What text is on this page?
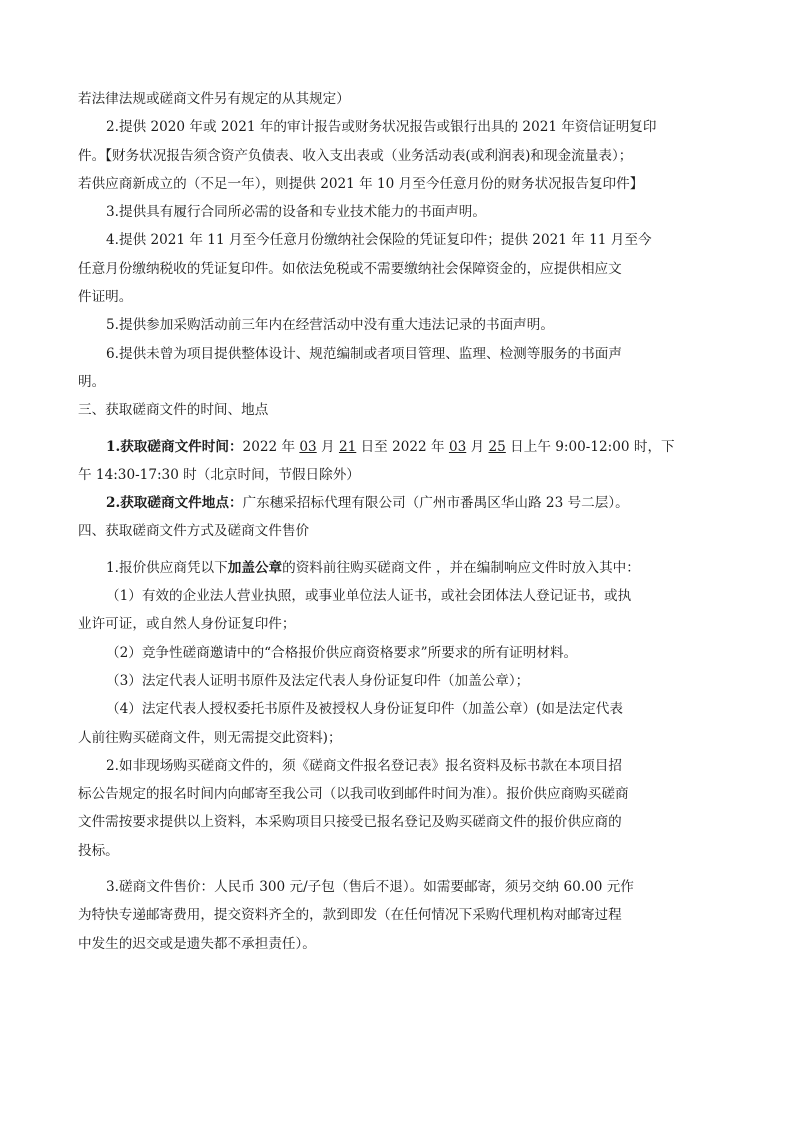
若法律法规或磋商文件另有规定的从其规定）
2.提供 2020 年或 2021 年的审计报告或财务状况报告或银行出具的 2021 年资信证明复印
件。【财务状况报告须含资产负债表、收入支出表或（业务活动表(或利润表)和现金流量表）；
若供应商新成立的（不足一年），则提供 2021 年 10 月至今任意月份的财务状况报告复印件】
3.提供具有履行合同所必需的设备和专业技术能力的书面声明。
4.提供 2021 年 11 月至今任意月份缴纳社会保险的凭证复印件；提供 2021 年 11 月至今
任意月份缴纳税收的凭证复印件。如依法免税或不需要缴纳社会保障资金的，应提供相应文
件证明。
5.提供参加采购活动前三年内在经营活动中没有重大违法记录的书面声明。
6.提供未曾为项目提供整体设计、规范编制或者项目管理、监理、检测等服务的书面声
明。
三、获取磋商文件的时间、地点
1.获取磋商文件时间：2022 年 03 月 21 日至 2022 年 03 月 25 日上午 9:00-12:00 时，下
午 14:30-17:30 时（北京时间，节假日除外）
2.获取磋商文件地点：广东穗采招标代理有限公司（广州市番禺区华山路 23 号二层）。
四、获取磋商文件方式及磋商文件售价
1.报价供应商凭以下加盖公章的资料前往购买磋商文件 ，并在编制响应文件时放入其中：
（1）有效的企业法人营业执照，或事业单位法人证书，或社会团体法人登记证书，或执
业许可证，或自然人身份证复印件；
（2）竞争性磋商邀请中的“合格报价供应商资格要求”所要求的所有证明材料。
（3）法定代表人证明书原件及法定代表人身份证复印件（加盖公章）；
（4）法定代表人授权委托书原件及被授权人身份证复印件（加盖公章）(如是法定代表
人前往购买磋商文件，则无需提交此资料)；
2.如非现场购买磋商文件的，须《磋商文件报名登记表》报名资料及标书款在本项目招
标公告规定的报名时间内向邮寄至我公司（以我司收到邮件时间为准）。报价供应商购买磋商
文件需按要求提供以上资料，本采购项目只接受已报名登记及购买磋商文件的报价供应商的
投标。
3.磋商文件售价：人民币 300 元/子包（售后不退）。如需要邮寄，须另交纳 60.00 元作
为特快专递邮寄费用，提交资料齐全的，款到即发（在任何情况下采购代理机构对邮寄过程
中发生的迟交或是遗失都不承担责任）。
